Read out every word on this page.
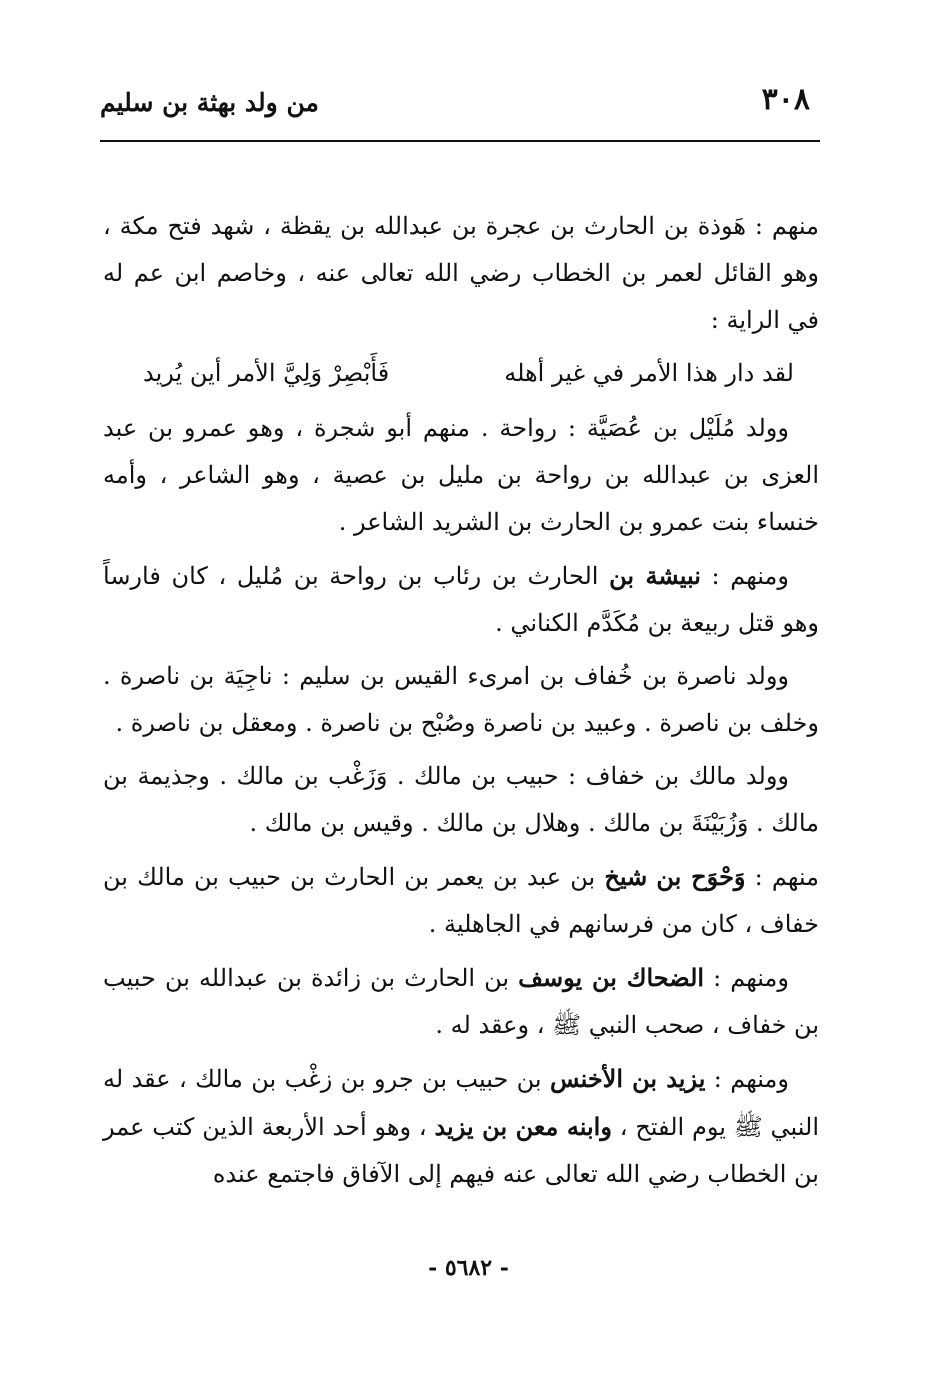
٣٠٨
من ولد بهثة بن سليم

منهم : هَوذة بن الحارث بن عجرة بن عبدالله بن يقظة ، شهد فتح مكة ، وهو القائل لعمر بن الخطاب رضي الله تعالى عنه ، وخاصم ابن عم له في الراية :

لقد دار هذا الأمر في غير أهله
فَأَبْصِرْ وَلِيَّ الأمر أين يُريد

وولد مُلَيْل بن عُصَيَّة : رواحة . منهم أبو شجرة ، وهو عمرو بن عبد العزى بن عبدالله بن رواحة بن مليل بن عصية ، وهو الشاعر ، وأمه خنساء بنت عمرو بن الحارث بن الشريد الشاعر .

ومنهم : نبيشة بن الحارث بن رئاب بن رواحة بن مُليل ، كان فارساً وهو قتل ربيعة بن مُكَدَّم الكناني .

وولد ناصرة بن خُفاف بن امرىء القيس بن سليم : ناجِيَة بن ناصرة . وخلف بن ناصرة . وعبيد بن ناصرة وصُبْح بن ناصرة . ومعقل بن ناصرة .

وولد مالك بن خفاف : حبيب بن مالك . وَزَغْب بن مالك . وجذيمة بن مالك . وَزُبَيْنَةَ بن مالك . وهلال بن مالك . وقيس بن مالك .

منهم : وَحْوَح بن شيخ بن عبد بن يعمر بن الحارث بن حبيب بن مالك بن خفاف ، كان من فرسانهم في الجاهلية .

ومنهم : الضحاك بن يوسف بن الحارث بن زائدة بن عبدالله بن حبيب بن خفاف ، صحب النبي ﷺ ، وعقد له .

ومنهم : يزيد بن الأخنس بن حبيب بن جرو بن زغْب بن مالك ، عقد له النبي ﷺ يوم الفتح ، وابنه معن بن يزيد ، وهو أحد الأربعة الذين كتب عمر بن الخطاب رضي الله تعالى عنه فيهم إلى الآفاق فاجتمع عنده

- ٥٦٨٢ -
